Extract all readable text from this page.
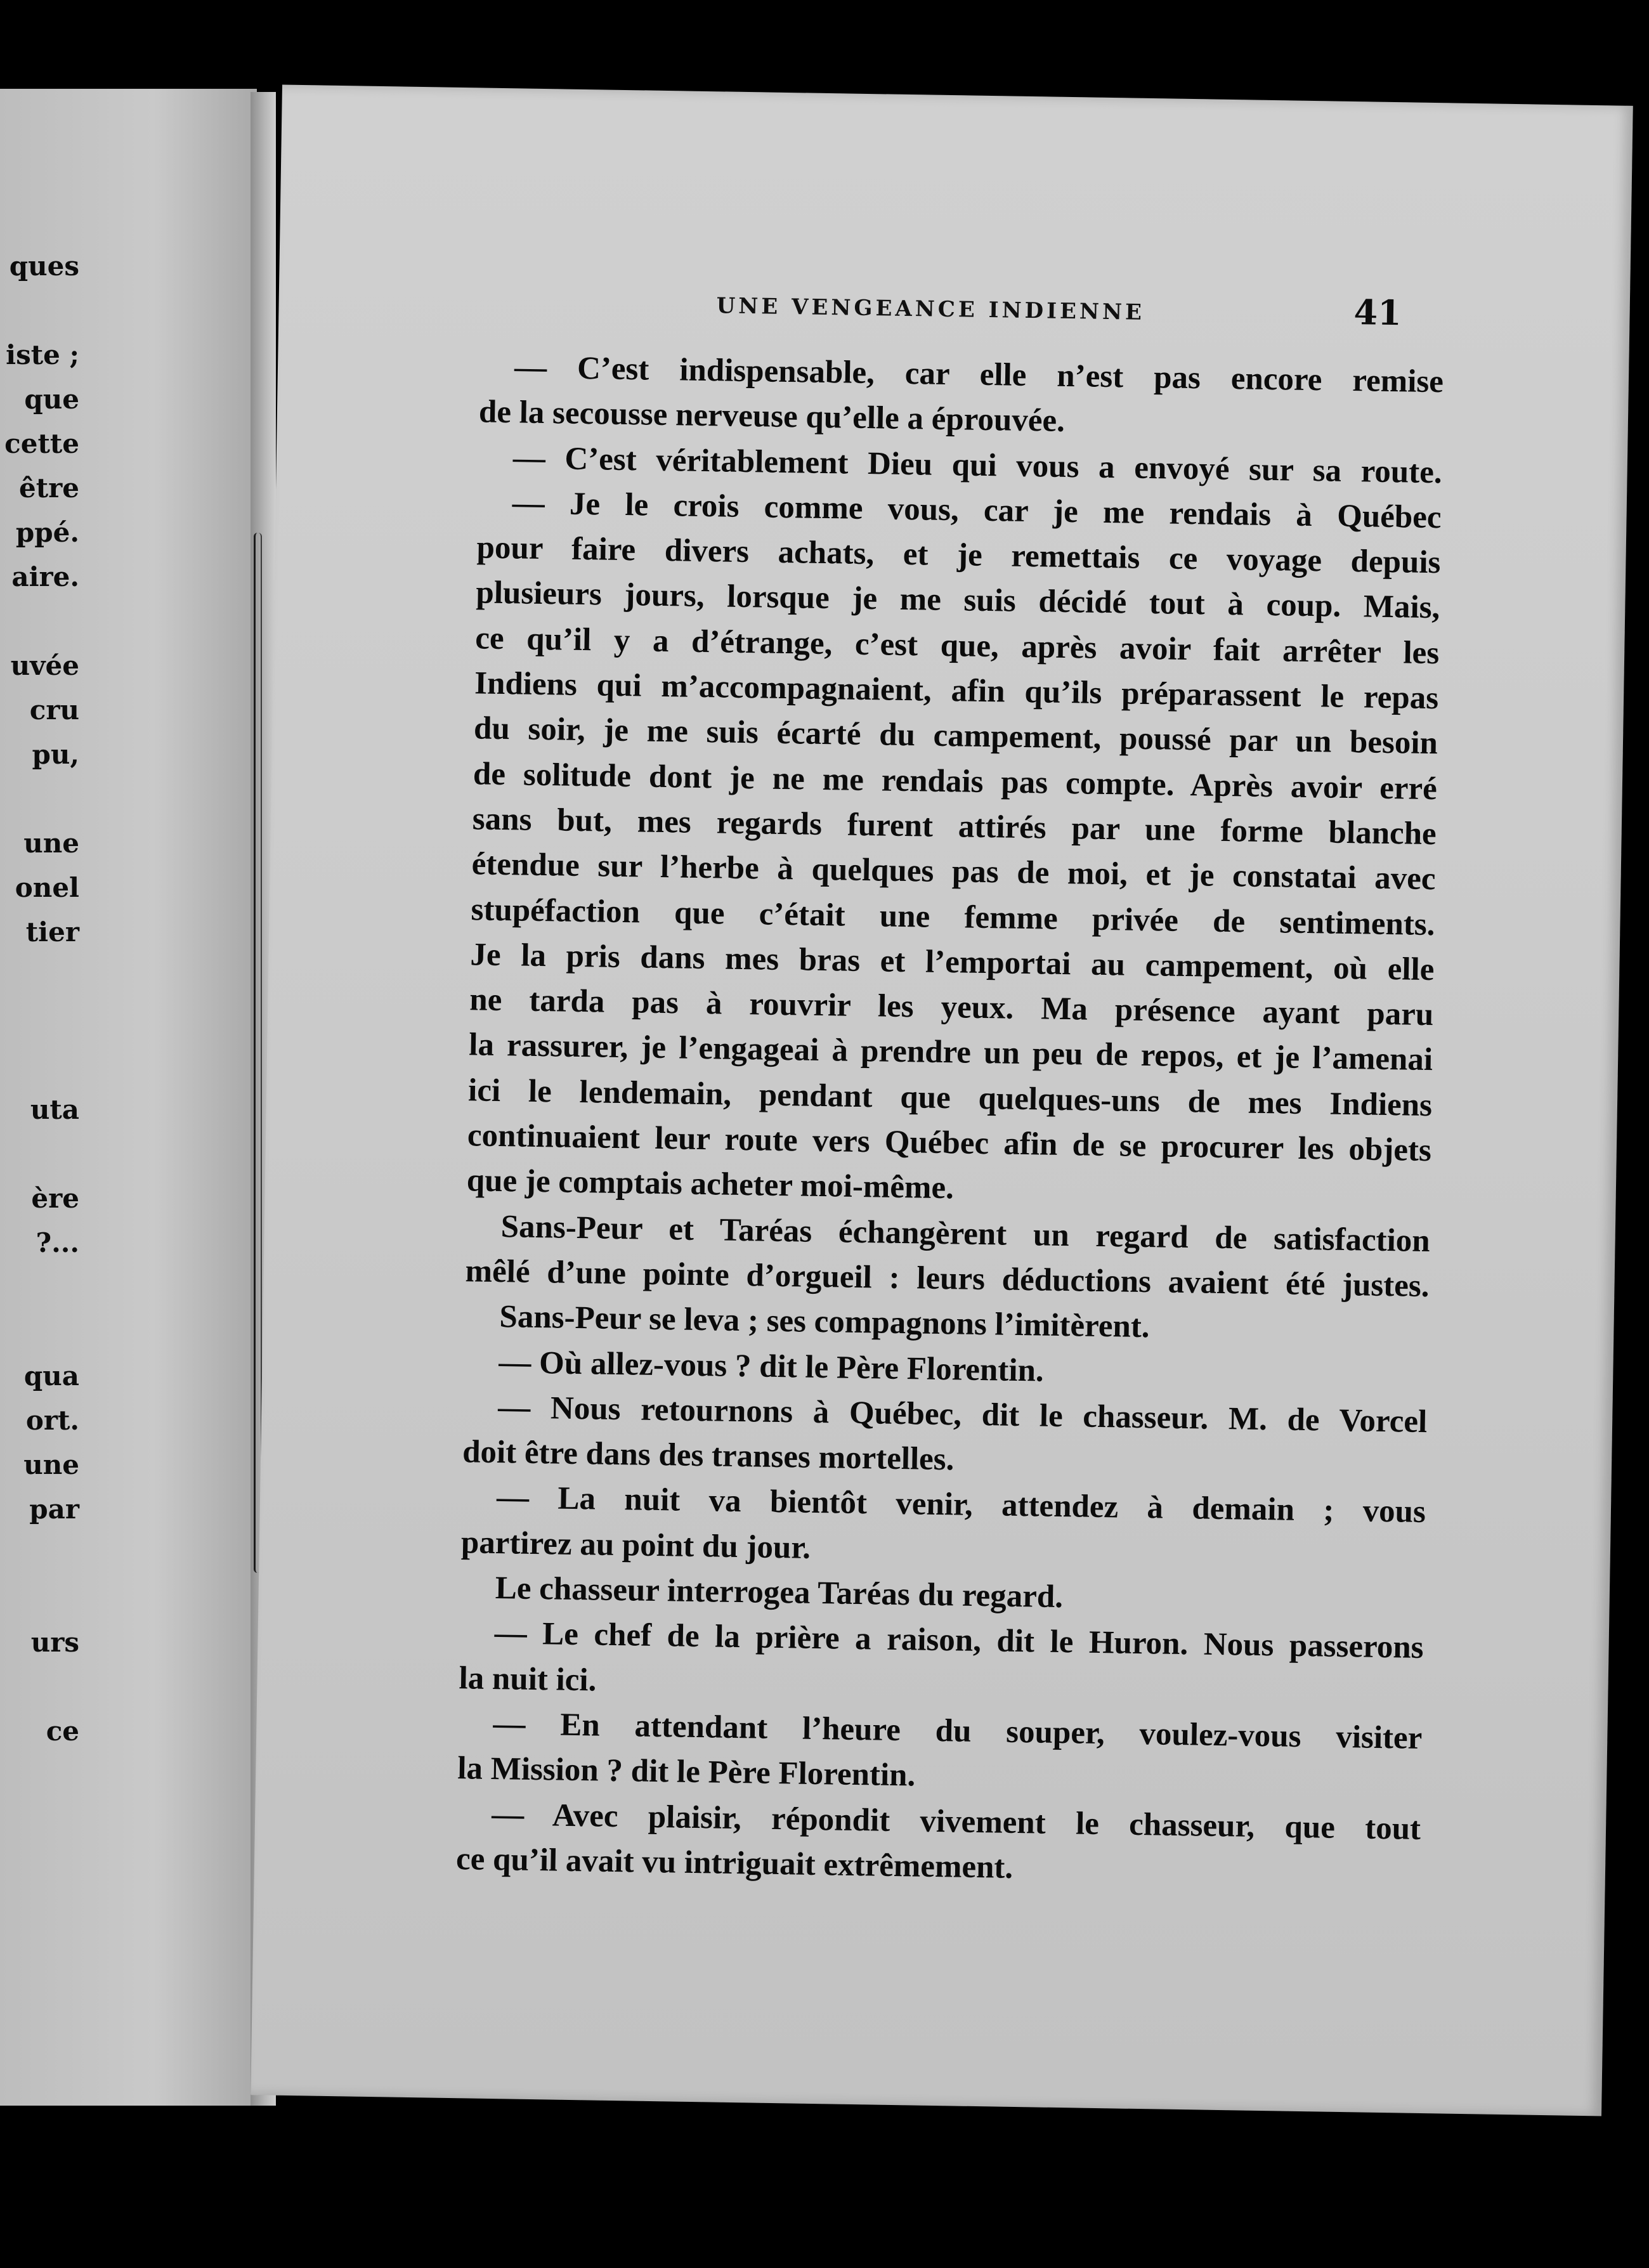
ques
iste ;
que
cette
être
ppé.
aire.
uvée
cru
pu,
une
onel
tier
uta
ère
?...
qua
ort.
une
par
urs
ce
UNE VENGEANCE INDIENNE	41
— C’est indispensable, car elle n’est pas encore remise
de la secousse nerveuse qu’elle a éprouvée.
— C’est véritablement Dieu qui vous a envoyé sur sa route.
— Je le crois comme vous, car je me rendais à Québec
pour faire divers achats, et je remettais ce voyage depuis
plusieurs jours, lorsque je me suis décidé tout à coup. Mais,
ce qu’il y a d’étrange, c’est que, après avoir fait arrêter les
Indiens qui m’accompagnaient, afin qu’ils préparassent le repas
du soir, je me suis écarté du campement, poussé par un besoin
de solitude dont je ne me rendais pas compte. Après avoir erré
sans but, mes regards furent attirés par une forme blanche
étendue sur l’herbe à quelques pas de moi, et je constatai avec
stupéfaction que c’était une femme privée de sentiments.
Je la pris dans mes bras et l’emportai au campement, où elle
ne tarda pas à rouvrir les yeux. Ma présence ayant paru
la rassurer, je l’engageai à prendre un peu de repos, et je l’amenai
ici le lendemain, pendant que quelques-uns de mes Indiens
continuaient leur route vers Québec afin de se procurer les objets
que je comptais acheter moi-même.
Sans-Peur et Taréas échangèrent un regard de satisfaction
mêlé d’une pointe d’orgueil : leurs déductions avaient été justes.
Sans-Peur se leva ; ses compagnons l’imitèrent.
— Où allez-vous ? dit le Père Florentin.
— Nous retournons à Québec, dit le chasseur. M. de Vorcel
doit être dans des transes mortelles.
— La nuit va bientôt venir, attendez à demain ; vous
partirez au point du jour.
Le chasseur interrogea Taréas du regard.
— Le chef de la prière a raison, dit le Huron. Nous passerons
la nuit ici.
— En attendant l’heure du souper, voulez-vous visiter
la Mission ? dit le Père Florentin.
— Avec plaisir, répondit vivement le chasseur, que tout
ce qu’il avait vu intriguait extrêmement.
